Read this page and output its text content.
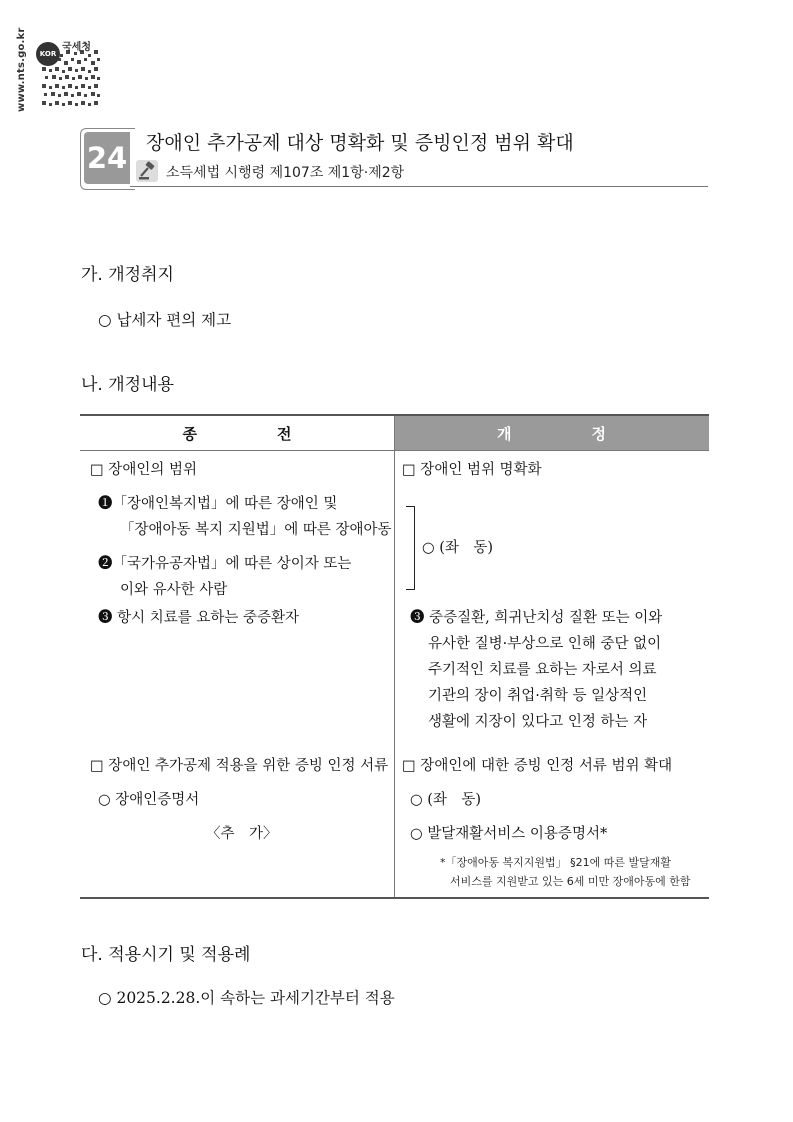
KOR
국세청
www.nts.go.kr
24 장애인 추가공제 대상 명확화 및 증빙인정 범위 확대
소득세법 시행령 제107조 제1항·제2항
가. 개정취지
○ 납세자 편의 제고
나. 개정내용
종전	개정
□ 장애인의 범위
❶「장애인복지법」에 따른 장애인 및
「장애아동 복지 지원법」에 따른 장애아동
❷「국가유공자법」에 따른 상이자 또는
이와 유사한 사람
❸ 항시 치료를 요하는 중증환자
□ 장애인 추가공제 적용을 위한 증빙 인정 서류
○ 장애인증명서
〈추　가〉
□ 장애인 범위 명확화
○ (좌　동)
❸ 중증질환, 희귀난치성 질환 또는 이와
유사한 질병·부상으로 인해 중단 없이
주기적인 치료를 요하는 자로서 의료
기관의 장이 취업·취학 등 일상적인
생활에 지장이 있다고 인정 하는 자
□ 장애인에 대한 증빙 인정 서류 범위 확대
○ (좌　동)
○ 발달재활서비스 이용증명서*
*「장애아동 복지지원법」 §21에 따른 발달재활
서비스를 지원받고 있는 6세 미만 장애아동에 한함
다. 적용시기 및 적용례
○ 2025.2.28.이 속하는 과세기간부터 적용
